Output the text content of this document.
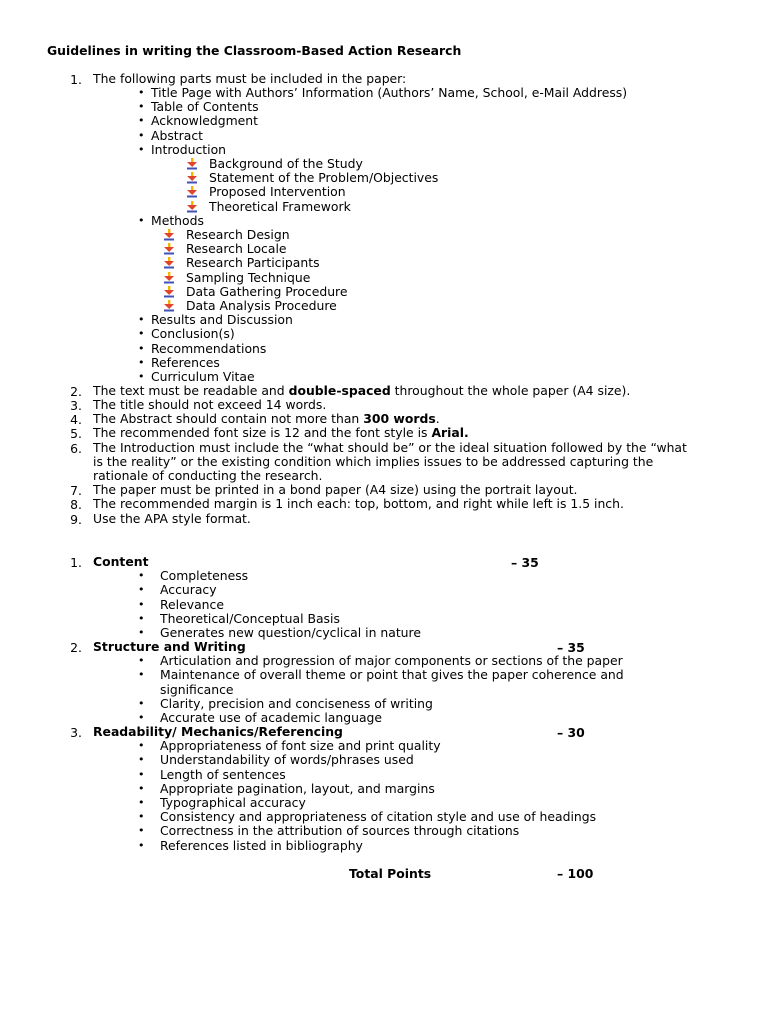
Guidelines in writing the Classroom-Based Action Research
1. The following parts must be included in the paper:
• Title Page with Authors’ Information (Authors’ Name, School, e-Mail Address)
• Table of Contents
• Acknowledgment
• Abstract
• Introduction
Background of the Study
Statement of the Problem/Objectives
Proposed Intervention
Theoretical Framework
• Methods
Research Design
Research Locale
Research Participants
Sampling Technique
Data Gathering Procedure
Data Analysis Procedure
• Results and Discussion
• Conclusion(s)
• Recommendations
• References
• Curriculum Vitae
2. The text must be readable and double-spaced throughout the whole paper (A4 size).
3. The title should not exceed 14 words.
4. The Abstract should contain not more than 300 words.
5. The recommended font size is 12 and the font style is Arial.
6. The Introduction must include the “what should be” or the ideal situation followed by the “what
is the reality” or the existing condition which implies issues to be addressed capturing the
rationale of conducting the research.
7. The paper must be printed in a bond paper (A4 size) using the portrait layout.
8. The recommended margin is 1 inch each: top, bottom, and right while left is 1.5 inch.
9. Use the APA style format.
1. Content	– 35
• Completeness
• Accuracy
• Relevance
• Theoretical/Conceptual Basis
• Generates new question/cyclical in nature
2. Structure and Writing	– 35
• Articulation and progression of major components or sections of the paper
• Maintenance of overall theme or point that gives the paper coherence and
significance
• Clarity, precision and conciseness of writing
• Accurate use of academic language
3. Readability/ Mechanics/Referencing	– 30
• Appropriateness of font size and print quality
• Understandability of words/phrases used
• Length of sentences
• Appropriate pagination, layout, and margins
• Typographical accuracy
• Consistency and appropriateness of citation style and use of headings
• Correctness in the attribution of sources through citations
• References listed in bibliography
Total Points	– 100
